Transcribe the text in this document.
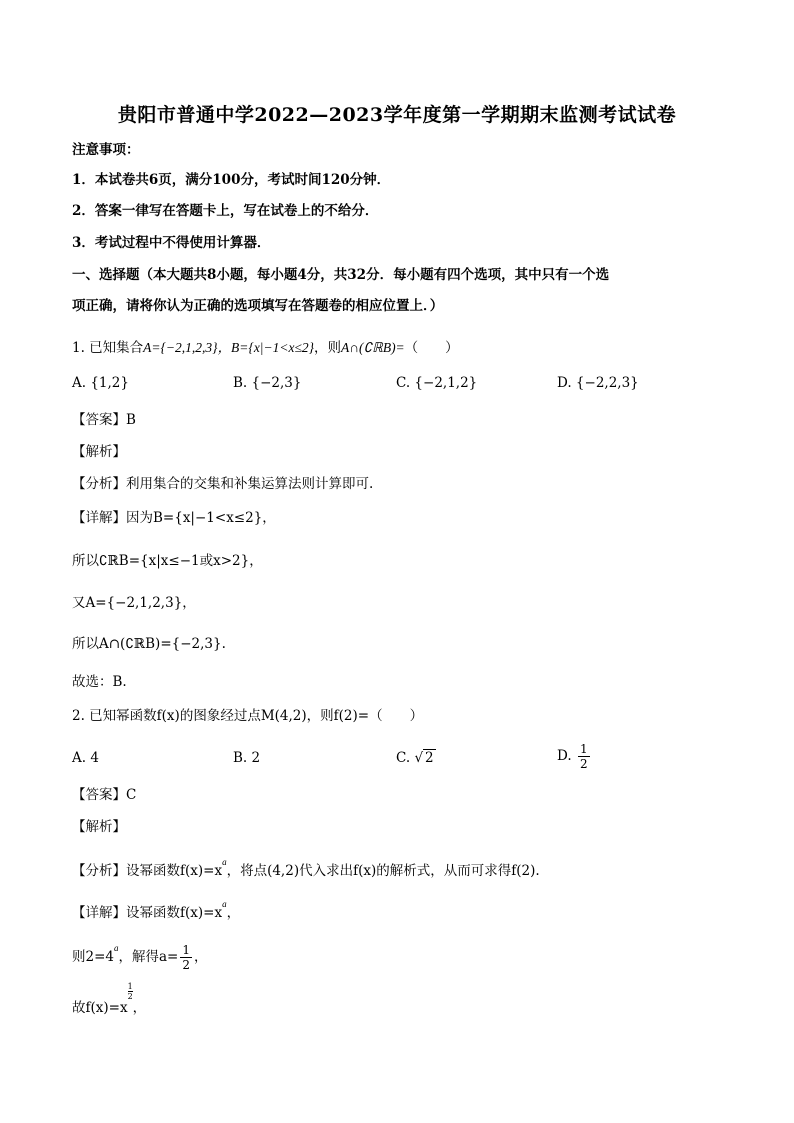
贵阳市普通中学2022—2023学年度第一学期期末监测考试试卷
注意事项：
1．本试卷共6页，满分100分，考试时间120分钟．
2．答案一律写在答题卡上，写在试卷上的不给分．
3．考试过程中不得使用计算器．
一、选择题（本大题共8小题，每小题4分，共32分．每小题有四个选项，其中只有一个选
项正确，请将你认为正确的选项填写在答题卷的相应位置上．）
1. 已知集合A={−2,1,2,3}，B={x|−1<x≤2}，则A∩(∁ℝB)=（　　）
A. {1,2}	B. {−2,3}	C. {−2,1,2}	D. {−2,2,3}
【答案】B
【解析】
【分析】利用集合的交集和补集运算法则计算即可.
【详解】因为B={x|−1<x≤2}，
所以∁ℝB={x|x≤−1或x>2}，
又A={−2,1,2,3}，
所以A∩(∁ℝB)={−2,3}.
故选：B.
2. 已知幂函数f(x)的图象经过点M(4,2)，则f(2)=（　　）
A. 4	B. 2	C. √ 2	D. $\frac{1}{2}$
【答案】C
【解析】
【分析】设幂函数$f(x)=x^a$，将点(4,2)代入求出f(x)的解析式，从而可求得f(2).
【详解】设幂函数$f(x)=x^a$，
则$2=4^a$，解得$a= \frac{1}{2}$ ，
故f(x)=x
$\frac{1}{2}$，
